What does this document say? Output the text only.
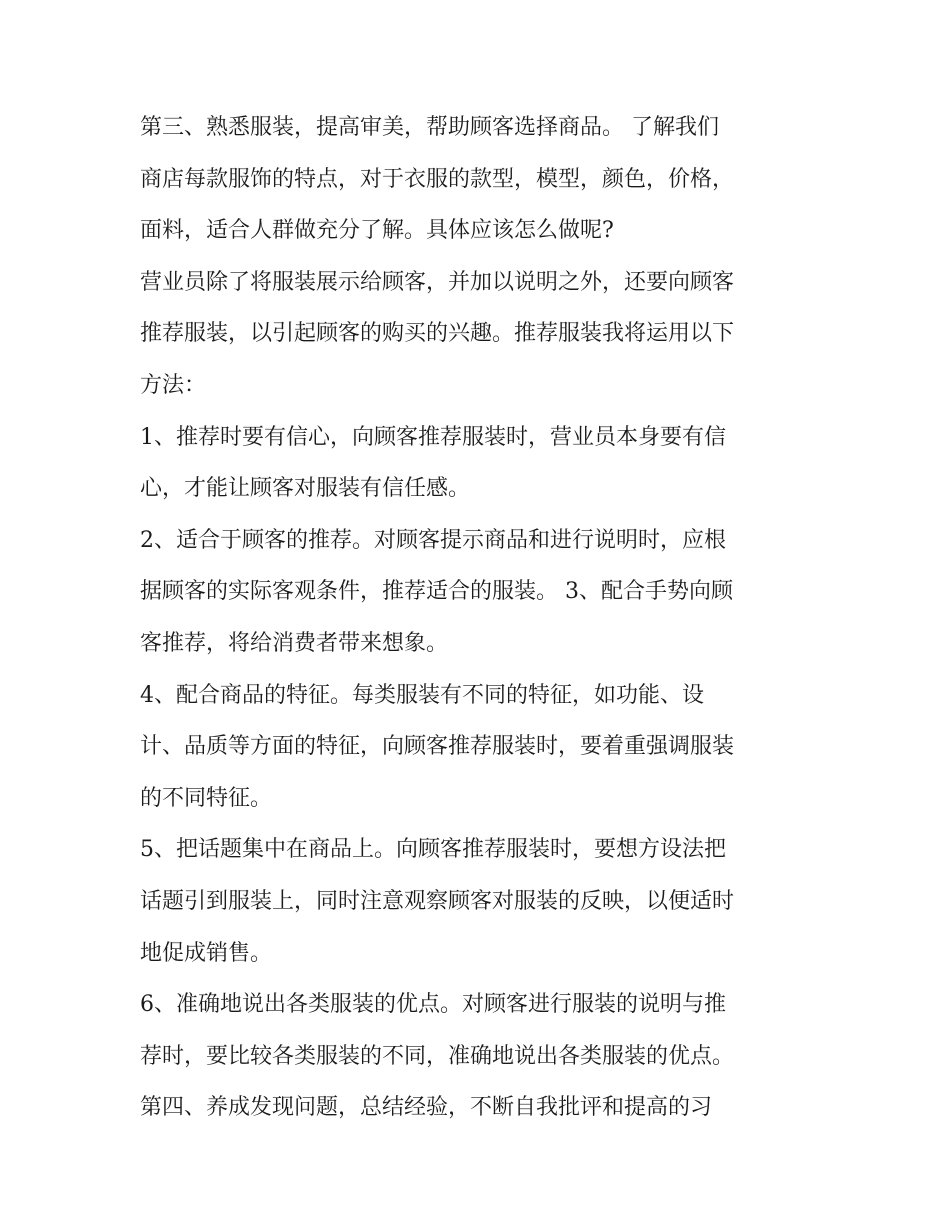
第三、熟悉服装，提高审美，帮助顾客选择商品。 了解我们
商店每款服饰的特点，对于衣服的款型，模型，颜色，价格，
面料，适合人群做充分了解。具体应该怎么做呢?
营业员除了将服装展示给顾客，并加以说明之外，还要向顾客
推荐服装，以引起顾客的购买的兴趣。推荐服装我将运用以下
方法：
1、推荐时要有信心，向顾客推荐服装时，营业员本身要有信
心，才能让顾客对服装有信任感。
2、适合于顾客的推荐。对顾客提示商品和进行说明时，应根
据顾客的实际客观条件，推荐适合的服装。 3、配合手势向顾
客推荐，将给消费者带来想象。
4、配合商品的特征。每类服装有不同的特征，如功能、设
计、品质等方面的特征，向顾客推荐服装时，要着重强调服装
的不同特征。
5、把话题集中在商品上。向顾客推荐服装时，要想方设法把
话题引到服装上，同时注意观察顾客对服装的反映，以便适时
地促成销售。
6、准确地说出各类服装的优点。对顾客进行服装的说明与推
荐时，要比较各类服装的不同，准确地说出各类服装的优点。
第四、养成发现问题，总结经验，不断自我批评和提高的习
